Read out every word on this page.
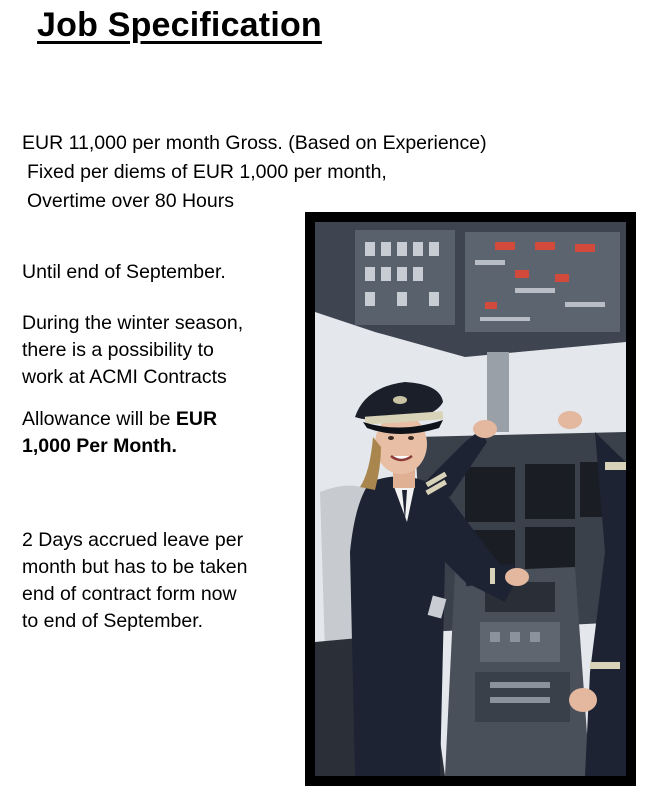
Job Specification
EUR 11,000 per month Gross. (Based on Experience)
Fixed per diems of EUR 1,000 per month,
Overtime over 80 Hours
Until end of September.
During the winter season,
there is a possibility to
work at ACMI Contracts
Allowance will be EUR
1,000 Per Month.
2 Days accrued leave per
month but has to be taken
end of contract form now
to end of September.
